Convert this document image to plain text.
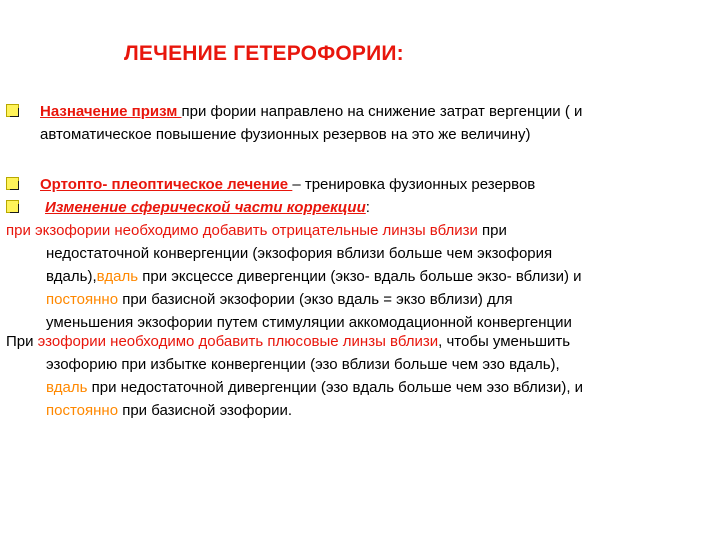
ЛЕЧЕНИЕ ГЕТЕРОФОРИИ:
Назначение призм при фории направлено на снижение затрат вергенции ( и
автоматическое повышение фузионных резервов на это же величину)
Ортопто- плеоптическое лечение – тренировка фузионных резервов
Изменение сферической части коррекции:
при экзофории необходимо добавить отрицательные линзы вблизи при
недостаточной конвергенции (экзофория вблизи больше чем экзофория
вдаль),вдаль при эксцессе дивергенции (экзо- вдаль больше экзо- вблизи) и
постоянно при базисной экзофории (экзо вдаль = экзо вблизи) для
уменьшения экзофории путем стимуляции аккомодационной конвергенции
При эзофории необходимо добавить плюсовые линзы вблизи, чтобы уменьшить
эзофорию при избытке конвергенции (эзо вблизи больше чем эзо вдаль),
вдаль при недостаточной дивергенции (эзо вдаль больше чем эзо вблизи), и
постоянно при базисной эзофории.
